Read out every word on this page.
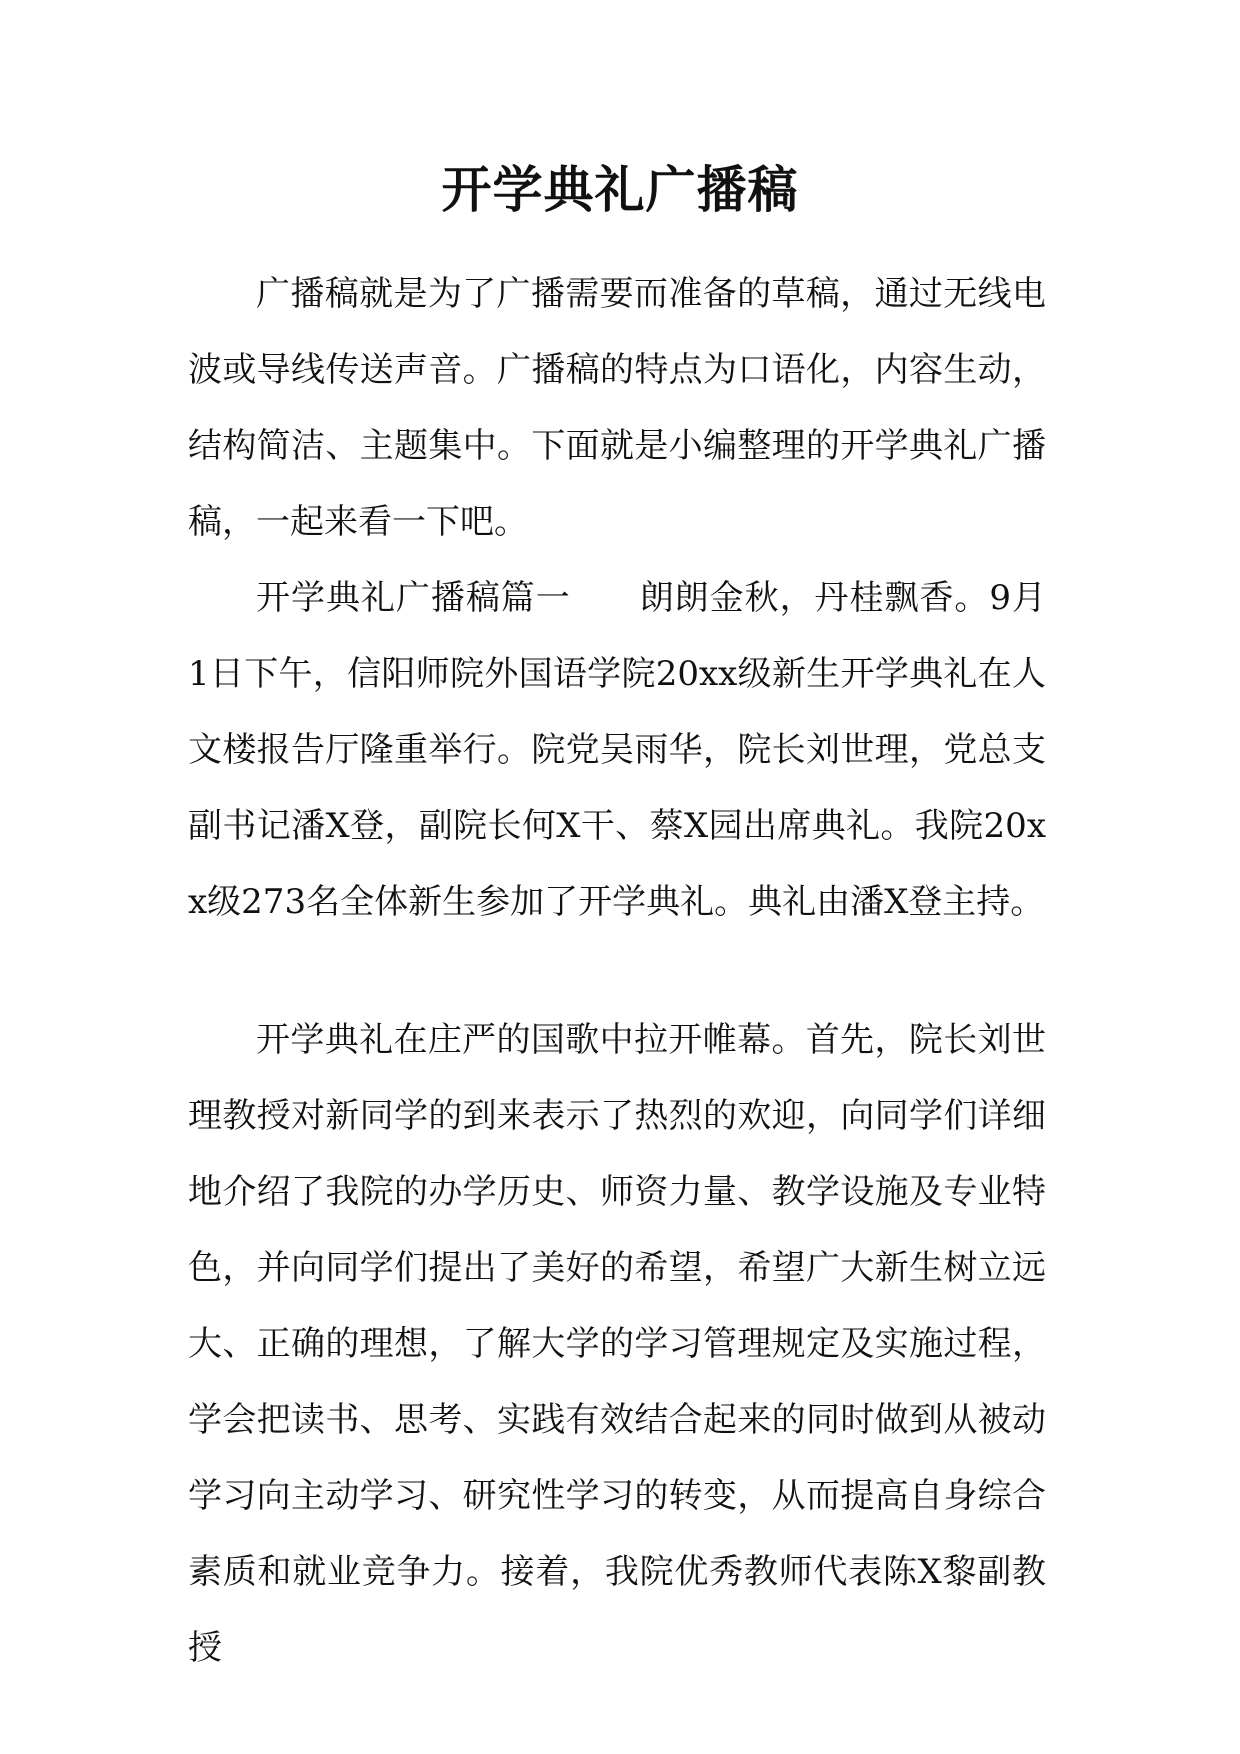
开学典礼广播稿

广播稿就是为了广播需要而准备的草稿，通过无线电波或导线传送声音。广播稿的特点为口语化，内容生动，结构简洁、主题集中。下面就是小编整理的开学典礼广播稿，一起来看一下吧。

开学典礼广播稿篇一 朗朗金秋，丹桂飘香。9月1日下午，信阳师院外国语学院20xx级新生开学典礼在人文楼报告厅隆重举行。院党吴雨华，院长刘世理，党总支副书记潘X登，副院长何X干、蔡X园出席典礼。我院20xx级273名全体新生参加了开学典礼。典礼由潘X登主持。

开学典礼在庄严的国歌中拉开帷幕。首先，院长刘世理教授对新同学的到来表示了热烈的欢迎，向同学们详细地介绍了我院的办学历史、师资力量、教学设施及专业特色，并向同学们提出了美好的希望，希望广大新生树立远大、正确的理想，了解大学的学习管理规定及实施过程，学会把读书、思考、实践有效结合起来的同时做到从被动学习向主动学习、研究性学习的转变，从而提高自身综合素质和就业竞争力。接着，我院优秀教师代表陈X黎副教授
